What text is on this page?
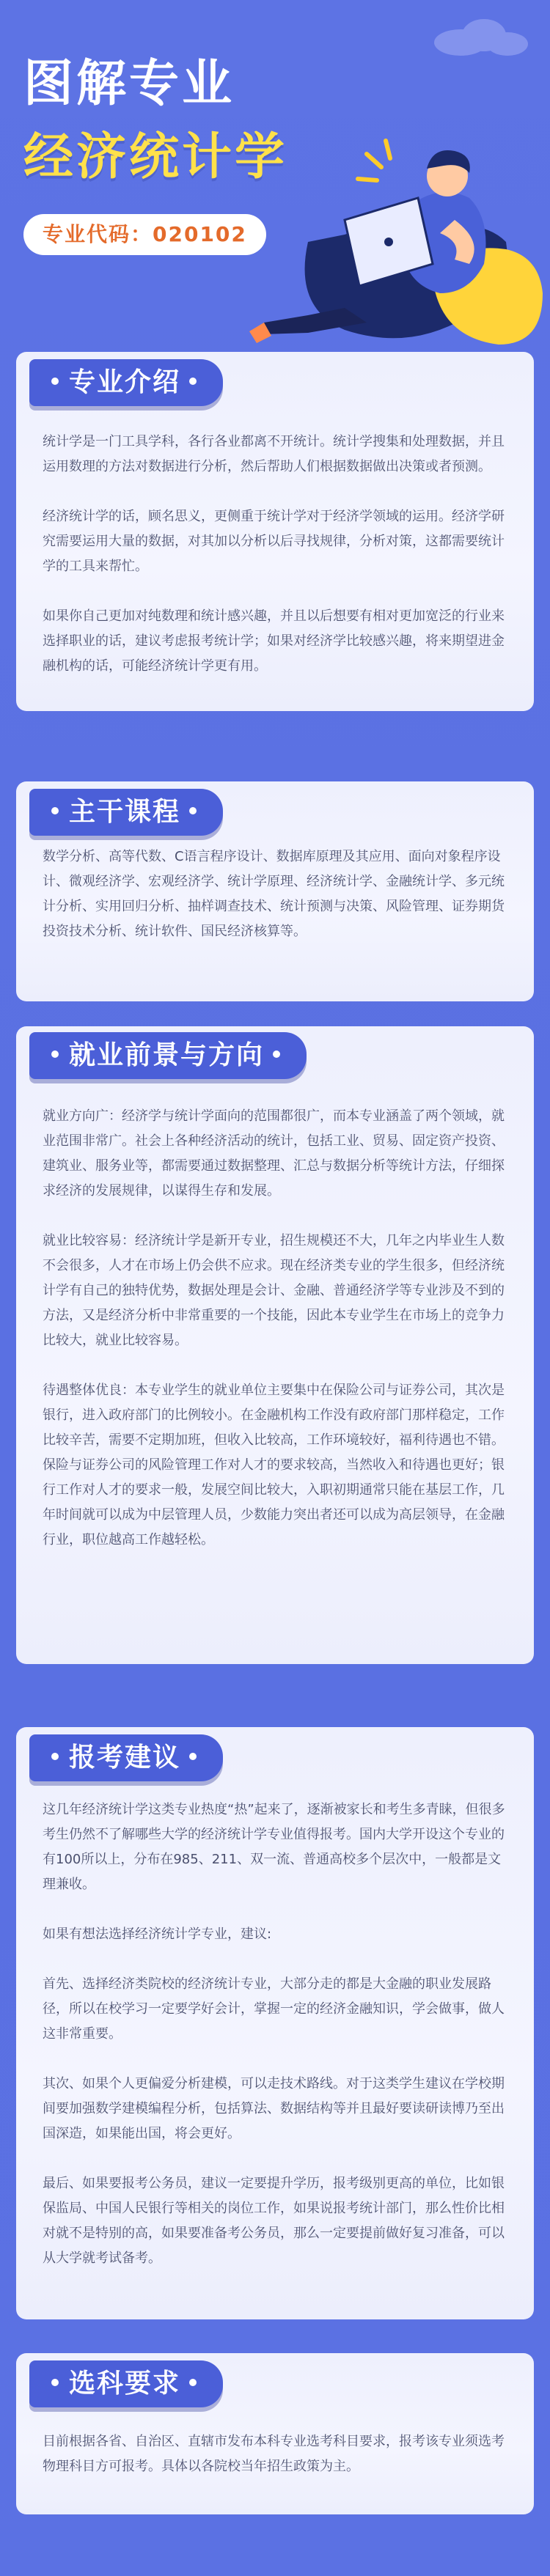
图解专业
经济统计学
专业代码：020102

统计学是一门工具学科，各行各业都离不开统计。统计学搜集和处理数据，并且运用数理的方法对数据进行分析，然后帮助人们根据数据做出决策或者预测。

经济统计学的话，顾名思义，更侧重于统计学对于经济学领域的运用。经济学研究需要运用大量的数据，对其加以分析以后寻找规律，分析对策，这都需要统计学的工具来帮忙。

如果你自己更加对纯数理和统计感兴趣，并且以后想要有相对更加宽泛的行业来选择职业的话，建议考虑报考统计学；如果对经济学比较感兴趣，将来期望进金融机构的话，可能经济统计学更有用。

专业介绍

数学分析、高等代数、C语言程序设计、数据库原理及其应用、面向对象程序设计、微观经济学、宏观经济学、统计学原理、经济统计学、金融统计学、多元统计分析、实用回归分析、抽样调查技术、统计预测与决策、风险管理、证券期货投资技术分析、统计软件、国民经济核算等。

主干课程

就业方向广：经济学与统计学面向的范围都很广，而本专业涵盖了两个领域，就业范围非常广。社会上各种经济活动的统计，包括工业、贸易、固定资产投资、建筑业、服务业等，都需要通过数据整理、汇总与数据分析等统计方法，仔细探求经济的发展规律，以谋得生存和发展。

就业比较容易：经济统计学是新开专业，招生规模还不大，几年之内毕业生人数不会很多，人才在市场上仍会供不应求。现在经济类专业的学生很多，但经济统计学有自己的独特优势，数据处理是会计、金融、普通经济学等专业涉及不到的方法，又是经济分析中非常重要的一个技能，因此本专业学生在市场上的竞争力比较大，就业比较容易。

待遇整体优良：本专业学生的就业单位主要集中在保险公司与证券公司，其次是银行，进入政府部门的比例较小。在金融机构工作没有政府部门那样稳定，工作比较辛苦，需要不定期加班，但收入比较高，工作环境较好，福利待遇也不错。保险与证券公司的风险管理工作对人才的要求较高，当然收入和待遇也更好；银行工作对人才的要求一般，发展空间比较大，入职初期通常只能在基层工作，几年时间就可以成为中层管理人员，少数能力突出者还可以成为高层领导，在金融行业，职位越高工作越轻松。

就业前景与方向

这几年经济统计学这类专业热度“热”起来了，逐渐被家长和考生多青睐，但很多考生仍然不了解哪些大学的经济统计学专业值得报考。国内大学开设这个专业的有100所以上，分布在985、211、双一流、普通高校多个层次中，一般都是文理兼收。

如果有想法选择经济统计学专业，建议:

首先、选择经济类院校的经济统计专业，大部分走的都是大金融的职业发展路径，所以在校学习一定要学好会计，掌握一定的经济金融知识，学会做事，做人这非常重要。

其次、如果个人更偏爱分析建模，可以走技术路线。对于这类学生建议在学校期间要加强数学建模编程分析，包括算法、数据结构等并且最好要读研读博乃至出国深造，如果能出国，将会更好。

最后、如果要报考公务员，建议一定要提升学历，报考级别更高的单位，比如银保监局、中国人民银行等相关的岗位工作，如果说报考统计部门，那么性价比相对就不是特别的高，如果要准备考公务员，那么一定要提前做好复习准备，可以从大学就考试备考。

报考建议

目前根据各省、自治区、直辖市发布本科专业选考科目要求，报考该专业须选考物理科目方可报考。具体以各院校当年招生政策为主。

选科要求
